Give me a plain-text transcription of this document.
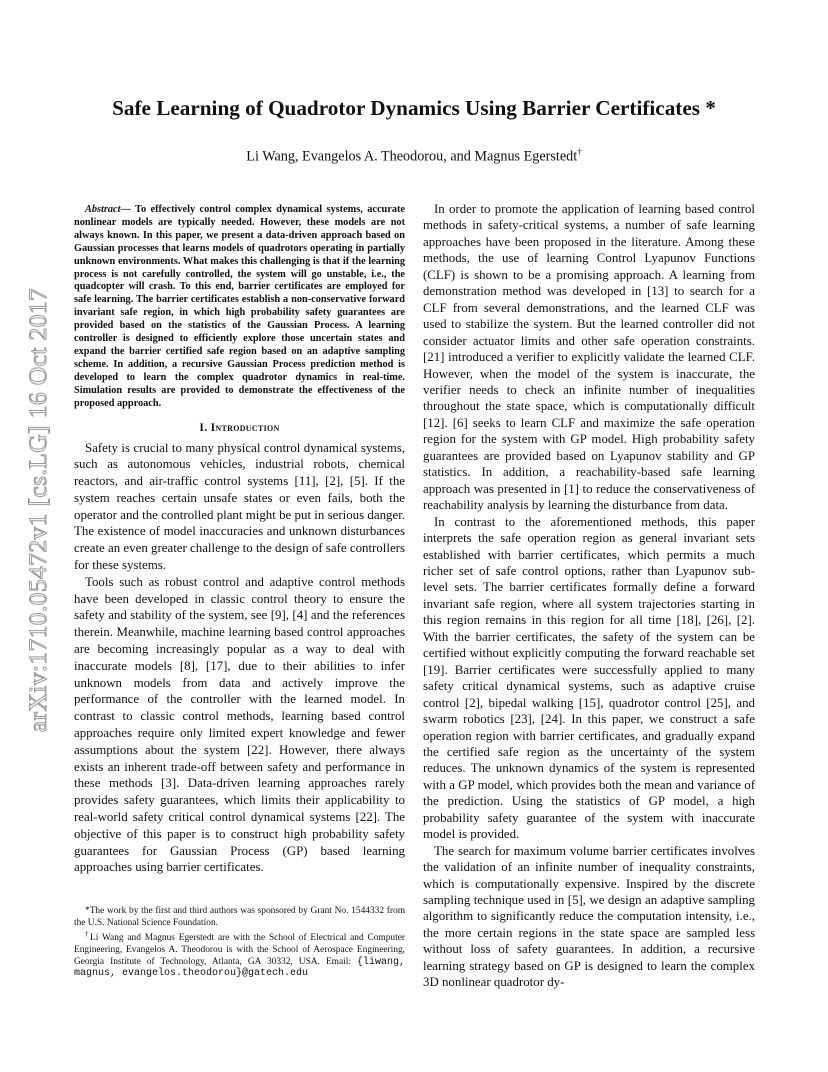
arXiv:1710.05472v1 [cs.LG] 16 Oct 2017
Safe Learning of Quadrotor Dynamics Using Barrier Certificates *
Li Wang, Evangelos A. Theodorou, and Magnus Egerstedt†

Abstract— To effectively control complex dynamical systems, accurate nonlinear models are typically needed. However, these models are not always known. In this paper, we present a data-driven approach based on Gaussian processes that learns models of quadrotors operating in partially unknown environments. What makes this challenging is that if the learning process is not carefully controlled, the system will go unstable, i.e., the quadcopter will crash. To this end, barrier certificates are employed for safe learning. The barrier certificates establish a non-conservative forward invariant safe region, in which high probability safety guarantees are provided based on the statistics of the Gaussian Process. A learning controller is designed to efficiently explore those uncertain states and expand the barrier certified safe region based on an adaptive sampling scheme. In addition, a recursive Gaussian Process prediction method is developed to learn the complex quadrotor dynamics in real-time. Simulation results are provided to demonstrate the effectiveness of the proposed approach.

I. Introduction

Safety is crucial to many physical control dynamical systems, such as autonomous vehicles, industrial robots, chemical reactors, and air-traffic control systems [11], [2], [5]. If the system reaches certain unsafe states or even fails, both the operator and the controlled plant might be put in serious danger. The existence of model inaccuracies and unknown disturbances create an even greater challenge to the design of safe controllers for these systems.

Tools such as robust control and adaptive control methods have been developed in classic control theory to ensure the safety and stability of the system, see [9], [4] and the references therein. Meanwhile, machine learning based control approaches are becoming increasingly popular as a way to deal with inaccurate models [8], [17], due to their abilities to infer unknown models from data and actively improve the performance of the controller with the learned model. In contrast to classic control methods, learning based control approaches require only limited expert knowledge and fewer assumptions about the system [22]. However, there always exists an inherent trade-off between safety and performance in these methods [3]. Data-driven learning approaches rarely provides safety guarantees, which limits their applicability to real-world safety critical control dynamical systems [22]. The objective of this paper is to construct high probability safety guarantees for Gaussian Process (GP) based learning approaches using barrier certificates.

*The work by the first and third authors was sponsored by Grant No. 1544332 from the U.S. National Science Foundation.

†Li Wang and Magnus Egerstedt are with the School of Electrical and Computer Engineering, Evangelos A. Theodorou is with the School of Aerospace Engineering, Georgia Institute of Technology, Atlanta, GA 30332, USA. Email: {liwang, magnus, evangelos.theodorou}@gatech.edu

In order to promote the application of learning based control methods in safety-critical systems, a number of safe learning approaches have been proposed in the literature. Among these methods, the use of learning Control Lyapunov Functions (CLF) is shown to be a promising approach. A learning from demonstration method was developed in [13] to search for a CLF from several demonstrations, and the learned CLF was used to stabilize the system. But the learned controller did not consider actuator limits and other safe operation constraints. [21] introduced a verifier to explicitly validate the learned CLF. However, when the model of the system is inaccurate, the verifier needs to check an infinite number of inequalities throughout the state space, which is computationally difficult [12]. [6] seeks to learn CLF and maximize the safe operation region for the system with GP model. High probability safety guarantees are provided based on Lyapunov stability and GP statistics. In addition, a reachability-based safe learning approach was presented in [1] to reduce the conservativeness of reachability analysis by learning the disturbance from data.

In contrast to the aforementioned methods, this paper interprets the safe operation region as general invariant sets established with barrier certificates, which permits a much richer set of safe control options, rather than Lyapunov sub-level sets. The barrier certificates formally define a forward invariant safe region, where all system trajectories starting in this region remains in this region for all time [18], [26], [2]. With the barrier certificates, the safety of the system can be certified without explicitly computing the forward reachable set [19]. Barrier certificates were successfully applied to many safety critical dynamical systems, such as adaptive cruise control [2], bipedal walking [15], quadrotor control [25], and swarm robotics [23], [24]. In this paper, we construct a safe operation region with barrier certificates, and gradually expand the certified safe region as the uncertainty of the system reduces. The unknown dynamics of the system is represented with a GP model, which provides both the mean and variance of the prediction. Using the statistics of GP model, a high probability safety guarantee of the system with inaccurate model is provided.

The search for maximum volume barrier certificates involves the validation of an infinite number of inequality constraints, which is computationally expensive. Inspired by the discrete sampling technique used in [5], we design an adaptive sampling algorithm to significantly reduce the computation intensity, i.e., the more certain regions in the state space are sampled less without loss of safety guarantees. In addition, a recursive learning strategy based on GP is designed to learn the complex 3D nonlinear quadrotor dy-
